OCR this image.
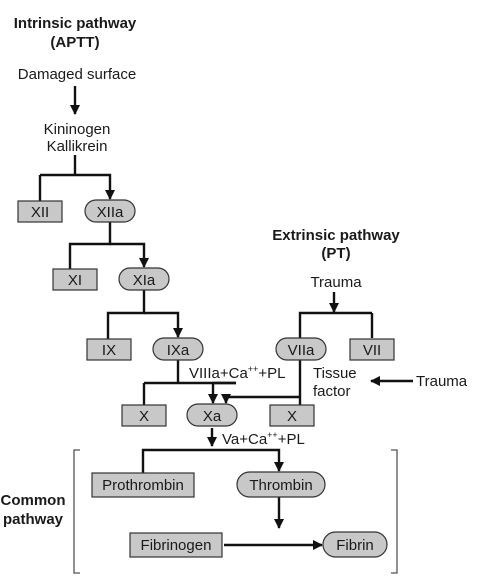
Intrinsic pathway
(APTT)
Damaged surface
Kininogen
Kallikrein
XII	XIIa
XI	XIa
IX	IXa
Extrinsic pathway
(PT)
Trauma
VIIa	VII
Tissue
factor
Trauma
VIIIa+Ca+++PL
X	Xa	X
Va+Ca+++PL
Common
pathway
Prothrombin	Thrombin
Fibrinogen	Fibrin
